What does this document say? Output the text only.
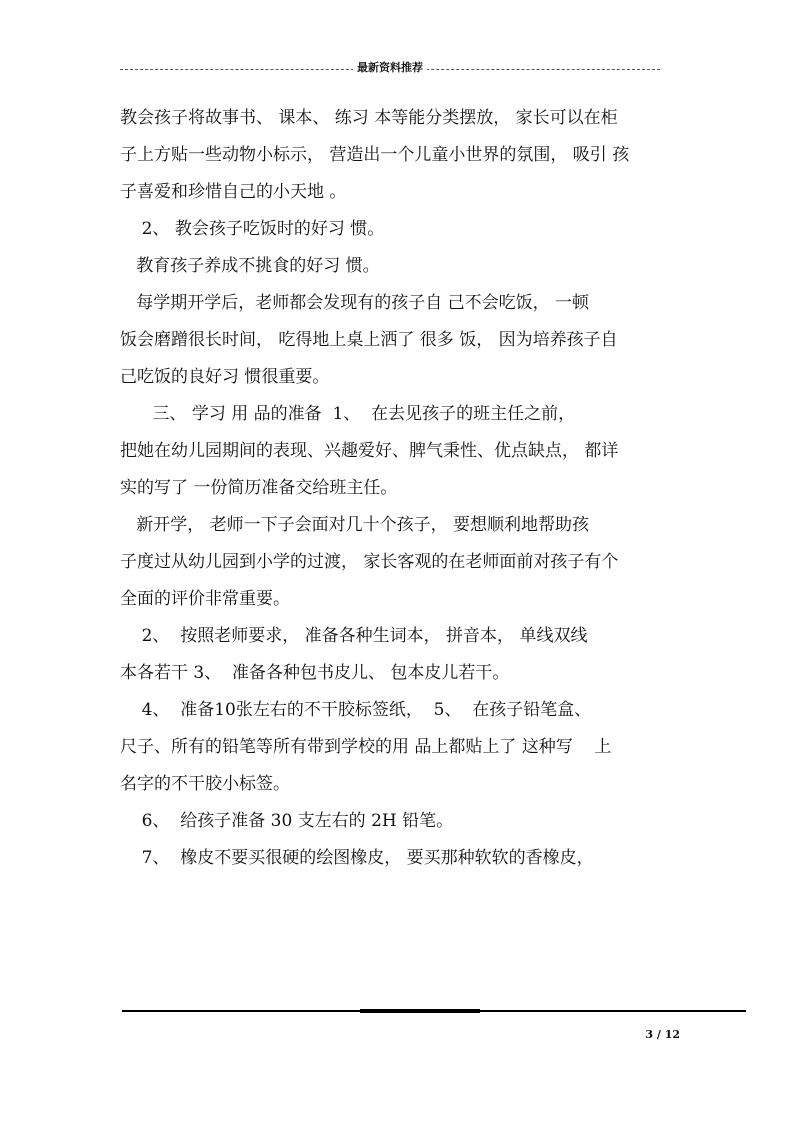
最新资料推荐
教会孩子将故事书、 课本、 练习 本等能分类摆放， 家长可以在柜
子上方贴一些动物小标示， 营造出一个儿童小世界的氛围， 吸引 孩
子喜爱和珍惜自己的小天地 。
2、 教会孩子吃饭时的好习 惯。
教育孩子养成不挑食的好习 惯。
每学期开学后，老师都会发现有的孩子自 己不会吃饭， 一顿
饭会磨蹭很长时间， 吃得地上桌上洒了 很多 饭， 因为培养孩子自
己吃饭的良好习 惯很重要。
三、 学习 用 品的准备  1、  在去见孩子的班主任之前，
把她在幼儿园期间的表现、兴趣爱好、脾气秉性、优点缺点， 都详
实的写了 一份简历准备交给班主任。
新开学， 老师一下子会面对几十个孩子， 要想顺利地帮助孩
子度过从幼儿园到小学的过渡， 家长客观的在老师面前对孩子有个
全面的评价非常重要。
2、  按照老师要求， 准备各种生词本， 拼音本， 单线双线
本各若干 3、  准备各种包书皮儿、 包本皮儿若干。
4、  准备10张左右的不干胶标签纸，  5、  在孩子铅笔盒、
尺子、所有的铅笔等所有带到学校的用 品上都贴上了 这种写    上
名字的不干胶小标签。
6、  给孩子准备 30 支左右的 2H 铅笔。
7、  橡皮不要买很硬的绘图橡皮， 要买那种软软的香橡皮，
3 / 12
